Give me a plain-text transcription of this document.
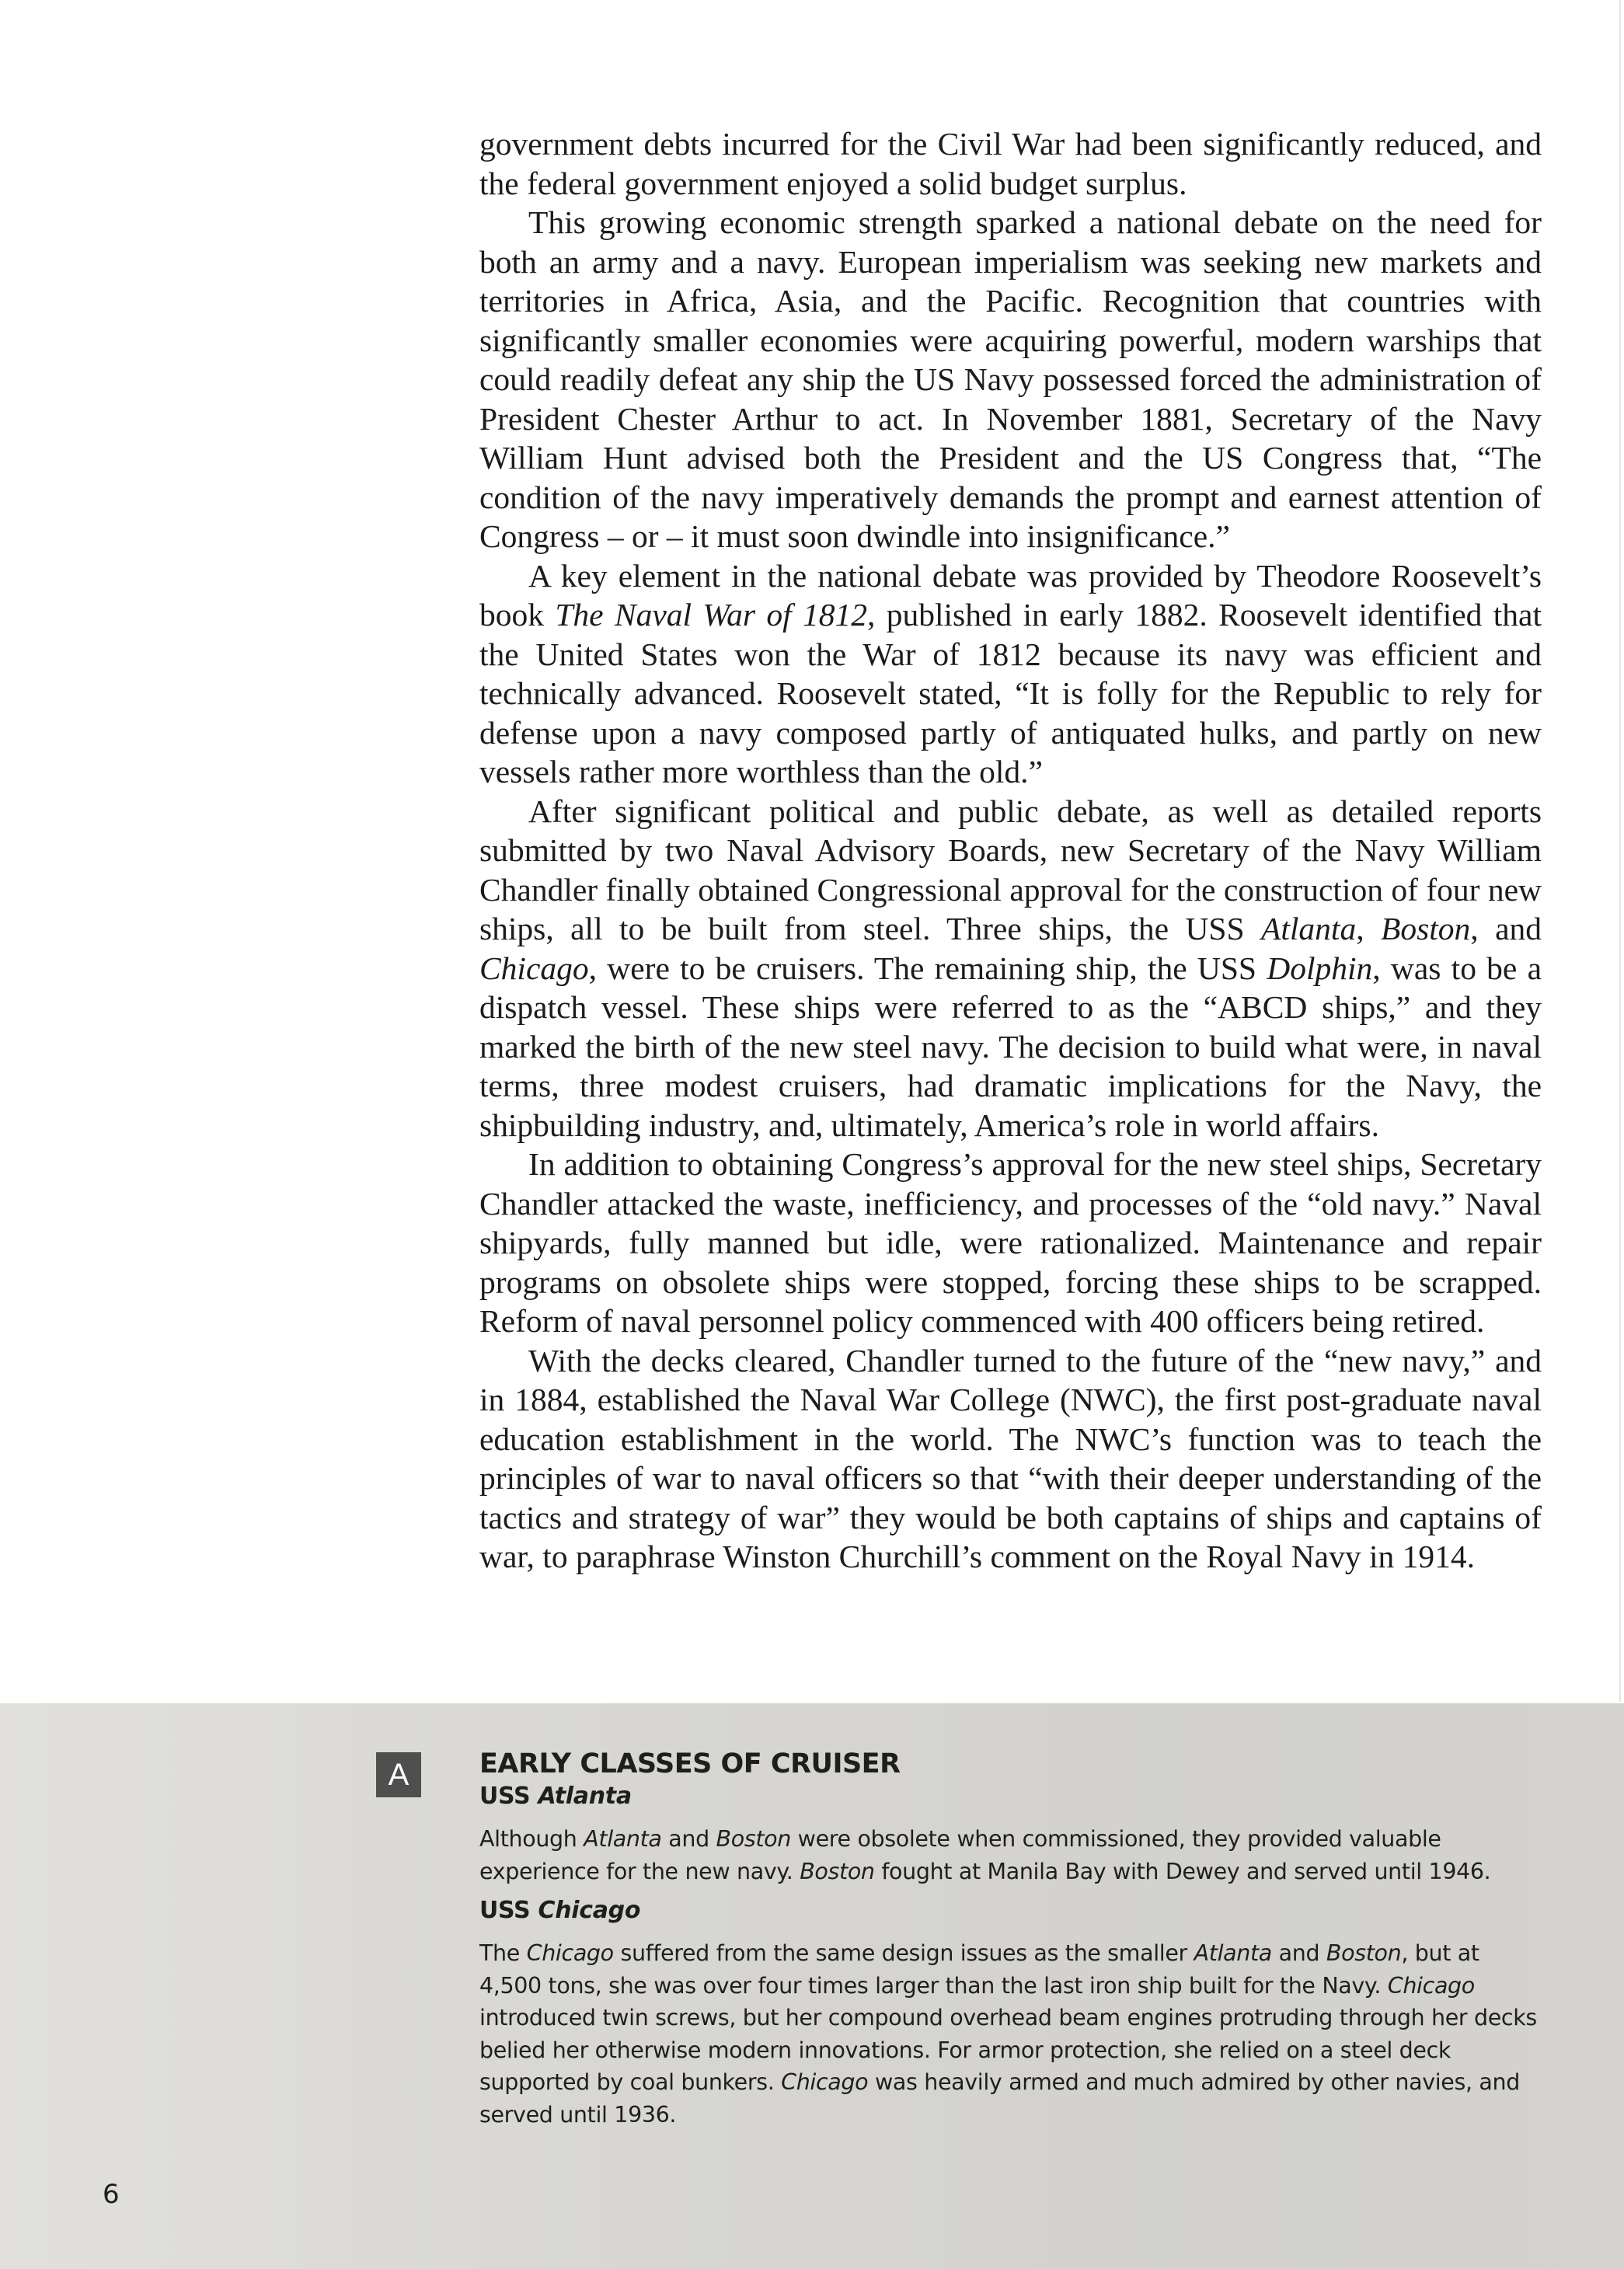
government debts incurred for the Civil War had been significantly reduced, and the federal government enjoyed a solid budget surplus.

This growing economic strength sparked a national debate on the need for both an army and a navy. European imperialism was seeking new markets and territories in Africa, Asia, and the Pacific. Recognition that countries with significantly smaller economies were acquiring powerful, modern warships that could readily defeat any ship the US Navy possessed forced the administration of President Chester Arthur to act. In November 1881, Secretary of the Navy William Hunt advised both the President and the US Congress that, “The condition of the navy imperatively demands the prompt and earnest attention of Congress – or – it must soon dwindle into insignificance.”

A key element in the national debate was provided by Theodore Roosevelt’s book The Naval War of 1812, published in early 1882. Roosevelt identified that the United States won the War of 1812 because its navy was efficient and technically advanced. Roosevelt stated, “It is folly for the Republic to rely for defense upon a navy composed partly of antiquated hulks, and partly on new vessels rather more worthless than the old.”

After significant political and public debate, as well as detailed reports submitted by two Naval Advisory Boards, new Secretary of the Navy William Chandler finally obtained Congressional approval for the construction of four new ships, all to be built from steel. Three ships, the USS Atlanta, Boston, and Chicago, were to be cruisers. The remaining ship, the USS Dolphin, was to be a dispatch vessel. These ships were referred to as the “ABCD ships,” and they marked the birth of the new steel navy. The decision to build what were, in naval terms, three modest cruisers, had dramatic implications for the Navy, the shipbuilding industry, and, ultimately, America’s role in world affairs.

In addition to obtaining Congress’s approval for the new steel ships, Secretary Chandler attacked the waste, inefficiency, and processes of the “old navy.” Naval shipyards, fully manned but idle, were rationalized. Maintenance and repair programs on obsolete ships were stopped, forcing these ships to be scrapped. Reform of naval personnel policy commenced with 400 officers being retired.

With the decks cleared, Chandler turned to the future of the “new navy,” and in 1884, established the Naval War College (NWC), the first post-graduate naval education establishment in the world. The NWC’s function was to teach the principles of war to naval officers so that “with their deeper understanding of the tactics and strategy of war” they would be both captains of ships and captains of war, to paraphrase Winston Churchill’s comment on the Royal Navy in 1914.

A	EARLY CLASSES OF CRUISER
USS Atlanta

Although Atlanta and Boston were obsolete when commissioned, they provided valuable experience for the new navy. Boston fought at Manila Bay with Dewey and served until 1946.

USS Chicago

The Chicago suffered from the same design issues as the smaller Atlanta and Boston, but at 4,500 tons, she was over four times larger than the last iron ship built for the Navy. Chicago introduced twin screws, but her compound overhead beam engines protruding through her decks belied her otherwise modern innovations. For armor protection, she relied on a steel deck supported by coal bunkers. Chicago was heavily armed and much admired by other navies, and served until 1936.

6
